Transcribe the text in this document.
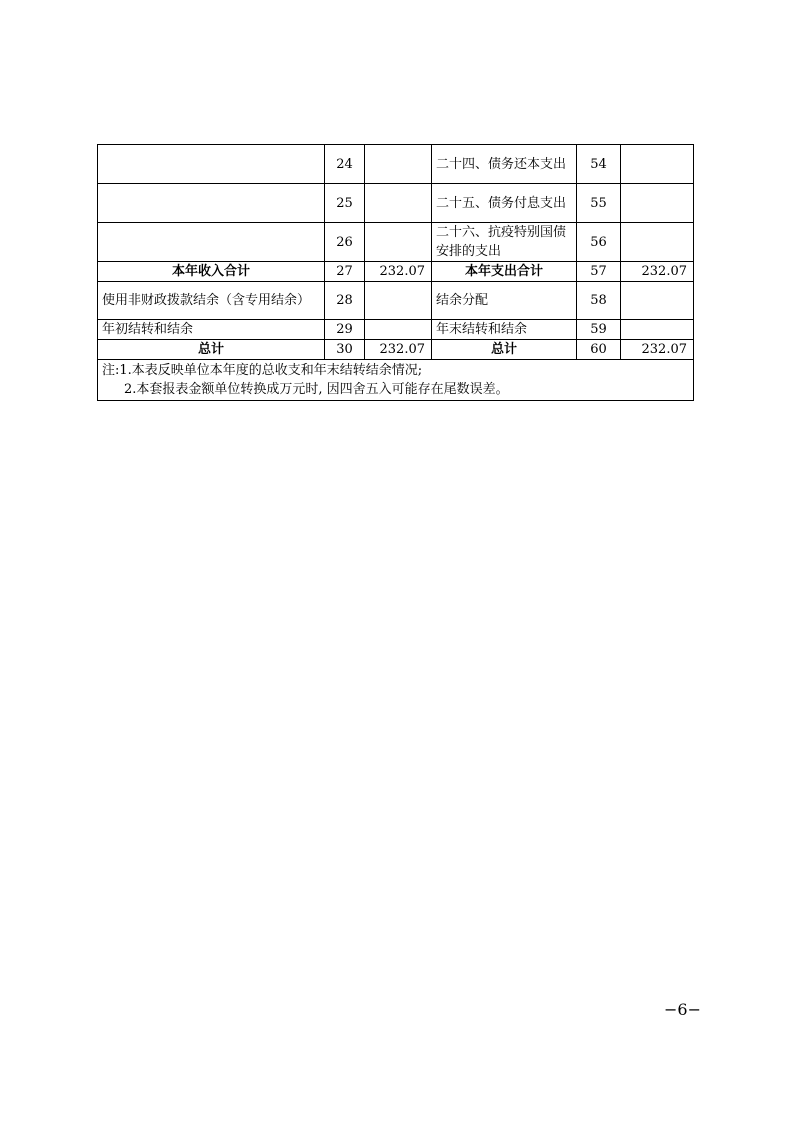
	24		二十四、债务还本支出	54	
	25		二十五、债务付息支出	55	
	26		二十六、抗疫特别国债安排的支出	56	
本年收入合计	27	232.07	本年支出合计	57	232.07
使用非财政拨款结余（含专用结余）	28		结余分配	58	
年初结转和结余	29		年末结转和结余	59	
总计	30	232.07	总计	60	232.07

注:1.本表反映单位本年度的总收支和年末结转结余情况;
2.本套报表金额单位转换成万元时, 因四舍五入可能存在尾数误差。					
−6−
